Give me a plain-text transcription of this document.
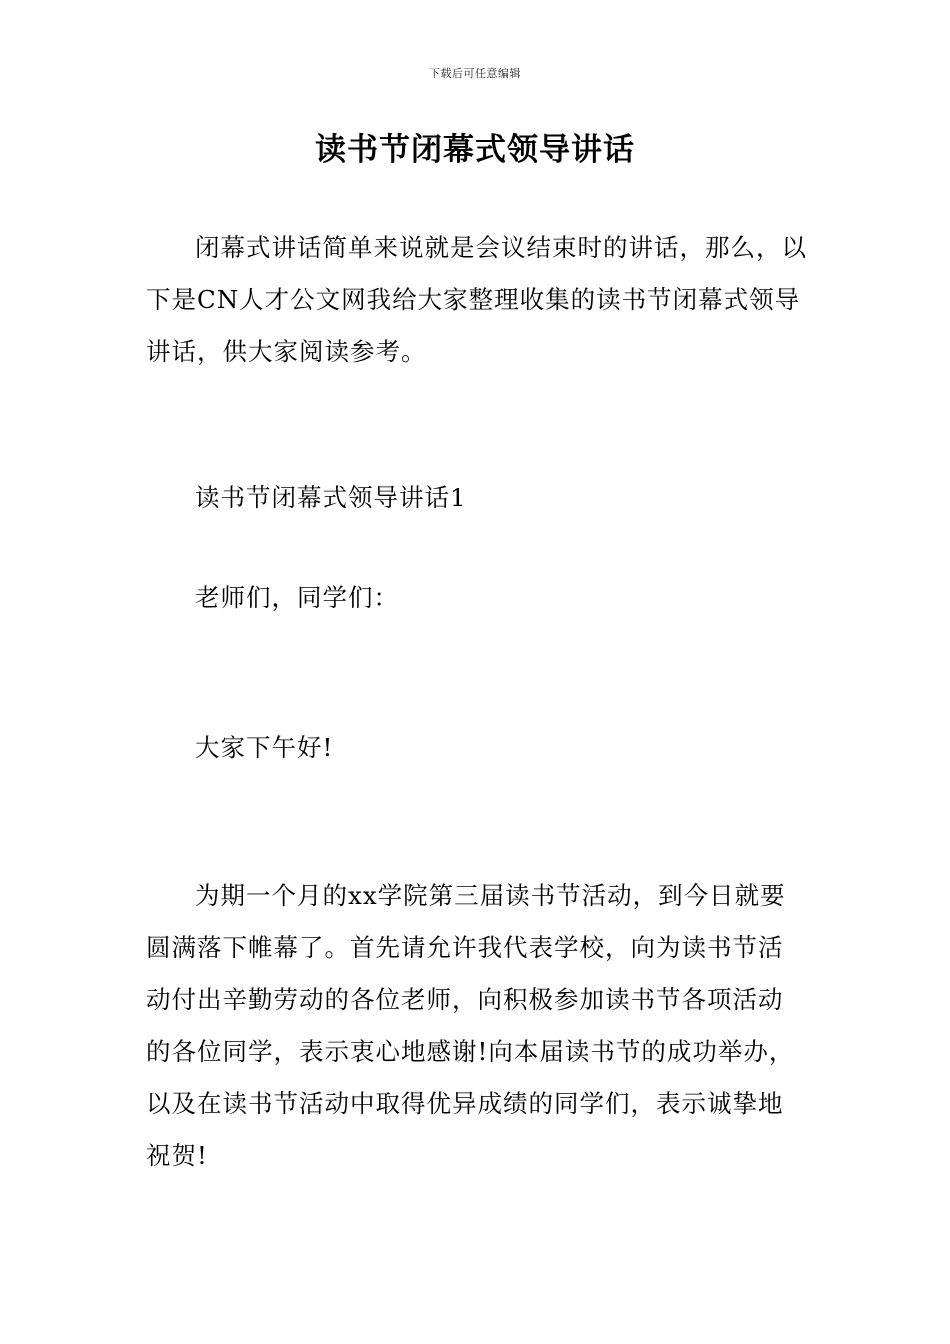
下载后可任意编辑
读书节闭幕式领导讲话

闭幕式讲话简单来说就是会议结束时的讲话，那么，以下是CN人才公文网我给大家整理收集的读书节闭幕式领导讲话，供大家阅读参考。

读书节闭幕式领导讲话1

老师们，同学们：

大家下午好!

为期一个月的xx学院第三届读书节活动，到今日就要圆满落下帷幕了。首先请允许我代表学校，向为读书节活动付出辛勤劳动的各位老师，向积极参加读书节各项活动的各位同学，表示衷心地感谢!向本届读书节的成功举办，以及在读书节活动中取得优异成绩的同学们，表示诚挚地祝贺!
